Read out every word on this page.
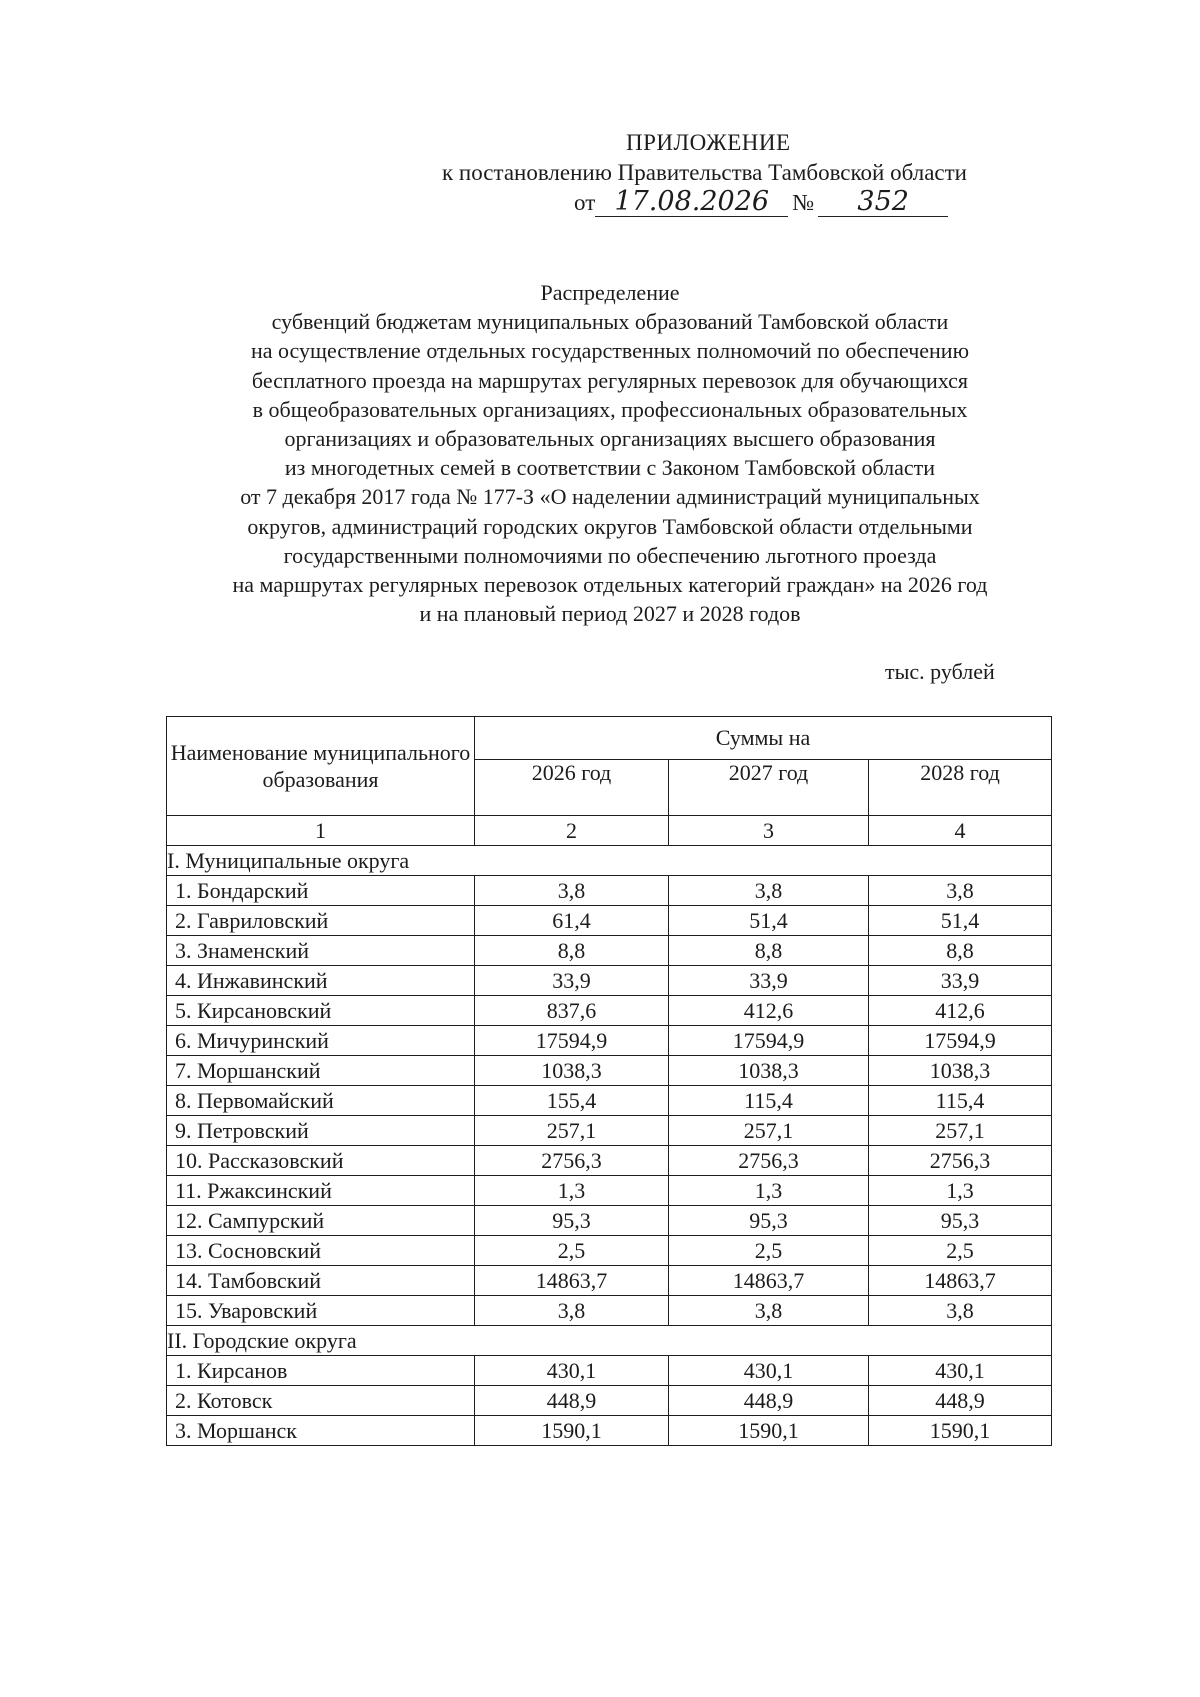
ПРИЛОЖЕНИЕ
к постановлению Правительства Тамбовской области
от 17.08.2026 № 352
Распределение
субвенций бюджетам муниципальных образований Тамбовской области
на осуществление отдельных государственных полномочий по обеспечению
бесплатного проезда на маршрутах регулярных перевозок для обучающихся
в общеобразовательных организациях, профессиональных образовательных
организациях и образовательных организациях высшего образования
из многодетных семей в соответствии с Законом Тамбовской области
от 7 декабря 2017 года № 177-З «О наделении администраций муниципальных
округов, администраций городских округов Тамбовской области отдельными
государственными полномочиями по обеспечению льготного проезда
на маршрутах регулярных перевозок отдельных категорий граждан» на 2026 год
и на плановый период 2027 и 2028 годов
тыс. рублей
Наименование муниципального образования	Суммы на		
	2026 год	2027 год	2028 год
1	2	3	4
I. Муниципальные округа			
1. Бондарский	3,8	3,8	3,8
2. Гавриловский	61,4	51,4	51,4
3. Знаменский	8,8	8,8	8,8
4. Инжавинский	33,9	33,9	33,9
5. Кирсановский	837,6	412,6	412,6
6. Мичуринский	17594,9	17594,9	17594,9
7. Моршанский	1038,3	1038,3	1038,3
8. Первомайский	155,4	115,4	115,4
9. Петровский	257,1	257,1	257,1
10. Рассказовский	2756,3	2756,3	2756,3
11. Ржаксинский	1,3	1,3	1,3
12. Сампурский	95,3	95,3	95,3
13. Сосновский	2,5	2,5	2,5
14. Тамбовский	14863,7	14863,7	14863,7
15. Уваровский	3,8	3,8	3,8
II. Городские округа			
1. Кирсанов	430,1	430,1	430,1
2. Котовск	448,9	448,9	448,9
3. Моршанск	1590,1	1590,1	1590,1
